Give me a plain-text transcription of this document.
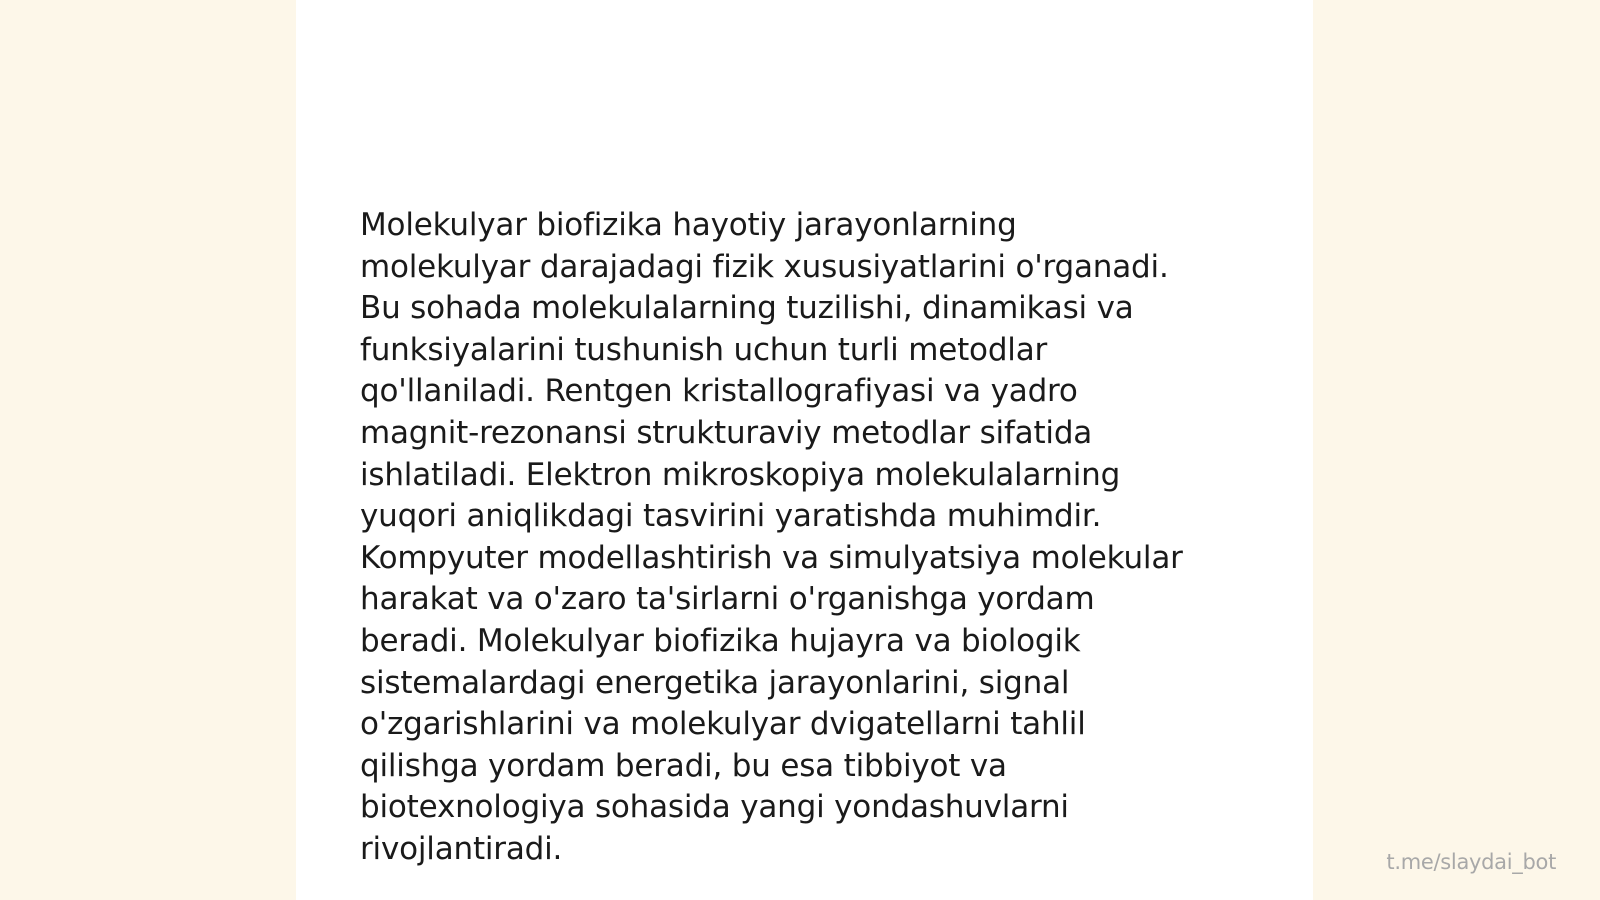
Molekulyar biofizika hayotiy jarayonlarning
molekulyar darajadagi fizik xususiyatlarini o'rganadi.
Bu sohada molekulalarning tuzilishi, dinamikasi va
funksiyalarini tushunish uchun turli metodlar
qo'llaniladi. Rentgen kristallografiyasi va yadro
magnit-rezonansi strukturaviy metodlar sifatida
ishlatiladi. Elektron mikroskopiya molekulalarning
yuqori aniqlikdagi tasvirini yaratishda muhimdir.
Kompyuter modellashtirish va simulyatsiya molekular
harakat va o'zaro ta'sirlarni o'rganishga yordam
beradi. Molekulyar biofizika hujayra va biologik
sistemalardagi energetika jarayonlarini, signal
o'zgarishlarini va molekulyar dvigatellarni tahlil
qilishga yordam beradi, bu esa tibbiyot va
biotexnologiya sohasida yangi yondashuvlarni
rivojlantiradi.	t.me/slaydai_bot
